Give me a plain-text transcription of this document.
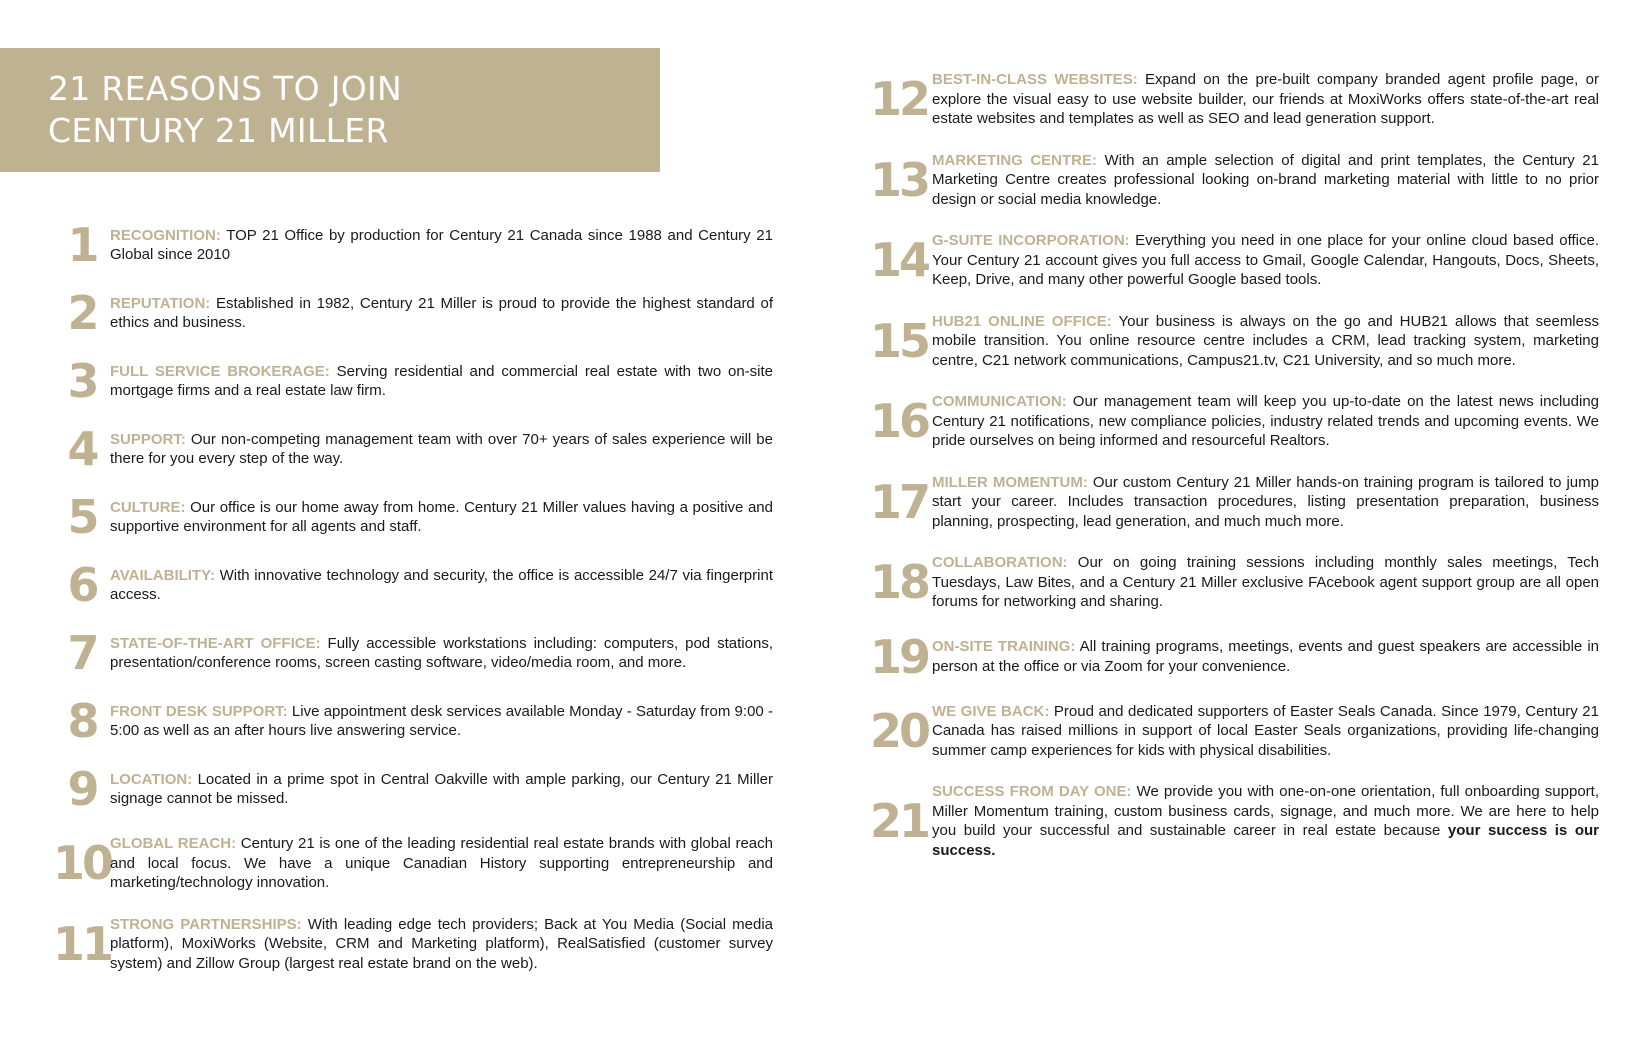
21 REASONS TO JOIN
CENTURY 21 MILLER
1 RECOGNITION: TOP 21 Office by production for Century 21 Canada since 1988 and Century 21 Global since 2010

2 REPUTATION: Established in 1982, Century 21 Miller is proud to provide the highest standard of ethics and business.

3 FULL SERVICE BROKERAGE: Serving residential and commercial real estate with two on-site mortgage firms and a real estate law firm.

4 SUPPORT: Our non-competing management team with over 70+ years of sales experience will be there for you every step of the way.

5 CULTURE: Our office is our home away from home. Century 21 Miller values having a positive and supportive environment for all agents and staff.

6 AVAILABILITY: With innovative technology and security, the office is accessible 24/7 via fingerprint access.

7 STATE-OF-THE-ART OFFICE: Fully accessible workstations including: computers, pod stations, presentation/conference rooms, screen casting software, video/media room, and more.

8 FRONT DESK SUPPORT: Live appointment desk services available Monday - Saturday from 9:00 - 5:00 as well as an after hours live answering service.

9 LOCATION: Located in a prime spot in Central Oakville with ample parking, our Century 21 Miller signage cannot be missed.

10 GLOBAL REACH: Century 21 is one of the leading residential real estate brands with global reach and local focus. We have a unique Canadian History supporting entrepreneurship and marketing/technology innovation.

11 STRONG PARTNERSHIPS: With leading edge tech providers; Back at You Media (Social media platform), MoxiWorks (Website, CRM and Marketing platform), RealSatisfied (customer survey system) and Zillow Group (largest real estate brand on the web).

12 BEST-IN-CLASS WEBSITES: Expand on the pre-built company branded agent profile page, or explore the visual easy to use website builder, our friends at MoxiWorks offers state-of-the-art real estate websites and templates as well as SEO and lead generation support.

13 MARKETING CENTRE: With an ample selection of digital and print templates, the Century 21 Marketing Centre creates professional looking on-brand marketing material with little to no prior design or social media knowledge.

14 G-SUITE INCORPORATION: Everything you need in one place for your online cloud based office. Your Century 21 account gives you full access to Gmail, Google Calendar, Hangouts, Docs, Sheets, Keep, Drive, and many other powerful Google based tools.

15 HUB21 ONLINE OFFICE: Your business is always on the go and HUB21 allows that seemless mobile transition. You online resource centre includes a CRM, lead tracking system, marketing centre, C21 network communications, Campus21.tv, C21 University, and so much more.

16 COMMUNICATION: Our management team will keep you up-to-date on the latest news including Century 21 notifications, new compliance policies, industry related trends and upcoming events. We pride ourselves on being informed and resourceful Realtors.

17 MILLER MOMENTUM: Our custom Century 21 Miller hands-on training program is tailored to jump start your career. Includes transaction procedures, listing presentation preparation, business planning, prospecting, lead generation, and much much more.

18 COLLABORATION: Our on going training sessions including monthly sales meetings, Tech Tuesdays, Law Bites, and a Century 21 Miller exclusive FAcebook agent support group are all open forums for networking and sharing.

19 ON-SITE TRAINING: All training programs, meetings, events and guest speakers are accessible in person at the office or via Zoom for your convenience.

20 WE GIVE BACK: Proud and dedicated supporters of Easter Seals Canada. Since 1979, Century 21 Canada has raised millions in support of local Easter Seals organizations, providing life-changing summer camp experiences for kids with physical disabilities.

21

SUCCESS FROM DAY ONE: We provide you with one-on-one orientation, full onboarding support, Miller Momentum training, custom business cards, signage, and much more. We are here to help you build your successful and sustainable career in real estate because your success is our success.
